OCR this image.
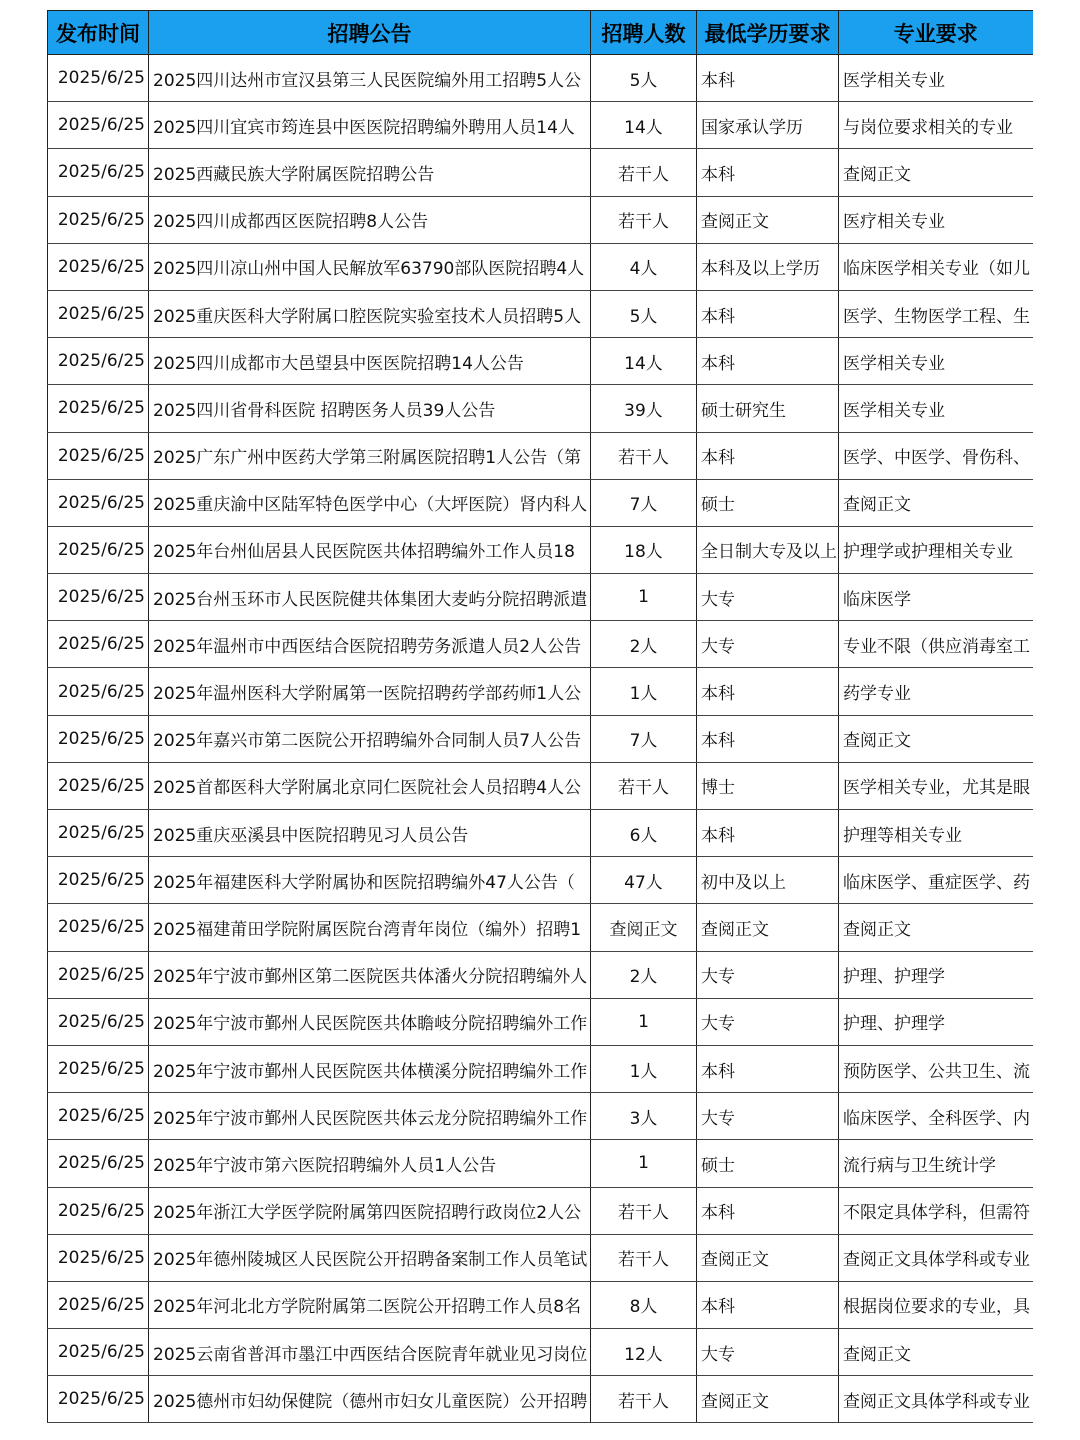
发布时间	招聘公告	招聘人数	最低学历要求	专业要求
2025/6/25	2025四川达州市宣汉县第三人民医院编外用工招聘5人公	5人	本科	医学相关专业
2025/6/25	2025四川宜宾市筠连县中医医院招聘编外聘用人员14人	14人	国家承认学历	与岗位要求相关的专业
2025/6/25	2025西藏民族大学附属医院招聘公告	若干人	本科	查阅正文
2025/6/25	2025四川成都西区医院招聘8人公告	若干人	查阅正文	医疗相关专业
2025/6/25	2025四川凉山州中国人民解放军63790部队医院招聘4人	4人	本科及以上学历	临床医学相关专业（如儿
2025/6/25	2025重庆医科大学附属口腔医院实验室技术人员招聘5人	5人	本科	医学、生物医学工程、生
2025/6/25	2025四川成都市大邑望县中医医院招聘14人公告	14人	本科	医学相关专业
2025/6/25	2025四川省骨科医院 招聘医务人员39人公告	39人	硕士研究生	医学相关专业
2025/6/25	2025广东广州中医药大学第三附属医院招聘1人公告（第	若干人	本科	医学、中医学、骨伤科、
2025/6/25	2025重庆渝中区陆军特色医学中心（大坪医院）肾内科人	7人	硕士	查阅正文
2025/6/25	2025年台州仙居县人民医院医共体招聘编外工作人员18	18人	全日制大专及以上	护理学或护理相关专业
2025/6/25	2025台州玉环市人民医院健共体集团大麦屿分院招聘派遣	1	大专	临床医学
2025/6/25	2025年温州市中西医结合医院招聘劳务派遣人员2人公告	2人	大专	专业不限（供应消毒室工
2025/6/25	2025年温州医科大学附属第一医院招聘药学部药师1人公	1人	本科	药学专业
2025/6/25	2025年嘉兴市第二医院公开招聘编外合同制人员7人公告	7人	本科	查阅正文
2025/6/25	2025首都医科大学附属北京同仁医院社会人员招聘4人公	若干人	博士	医学相关专业，尤其是眼
2025/6/25	2025重庆巫溪县中医院招聘见习人员公告	6人	本科	护理等相关专业
2025/6/25	2025年福建医科大学附属协和医院招聘编外47人公告（	47人	初中及以上	临床医学、重症医学、药
2025/6/25	2025福建莆田学院附属医院台湾青年岗位（编外）招聘1	查阅正文	查阅正文	查阅正文
2025/6/25	2025年宁波市鄞州区第二医院医共体潘火分院招聘编外人	2人	大专	护理、护理学
2025/6/25	2025年宁波市鄞州人民医院医共体瞻岐分院招聘编外工作	1	大专	护理、护理学
2025/6/25	2025年宁波市鄞州人民医院医共体横溪分院招聘编外工作	1人	本科	预防医学、公共卫生、流
2025/6/25	2025年宁波市鄞州人民医院医共体云龙分院招聘编外工作	3人	大专	临床医学、全科医学、内
2025/6/25	2025年宁波市第六医院招聘编外人员1人公告	1	硕士	流行病与卫生统计学
2025/6/25	2025年浙江大学医学院附属第四医院招聘行政岗位2人公	若干人	本科	不限定具体学科，但需符
2025/6/25	2025年德州陵城区人民医院公开招聘备案制工作人员笔试	若干人	查阅正文	查阅正文具体学科或专业
2025/6/25	2025年河北北方学院附属第二医院公开招聘工作人员8名	8人	本科	根据岗位要求的专业，具
2025/6/25	2025云南省普洱市墨江中西医结合医院青年就业见习岗位	12人	大专	查阅正文
2025/6/25	2025德州市妇幼保健院（德州市妇女儿童医院）公开招聘	若干人	查阅正文	查阅正文具体学科或专业
